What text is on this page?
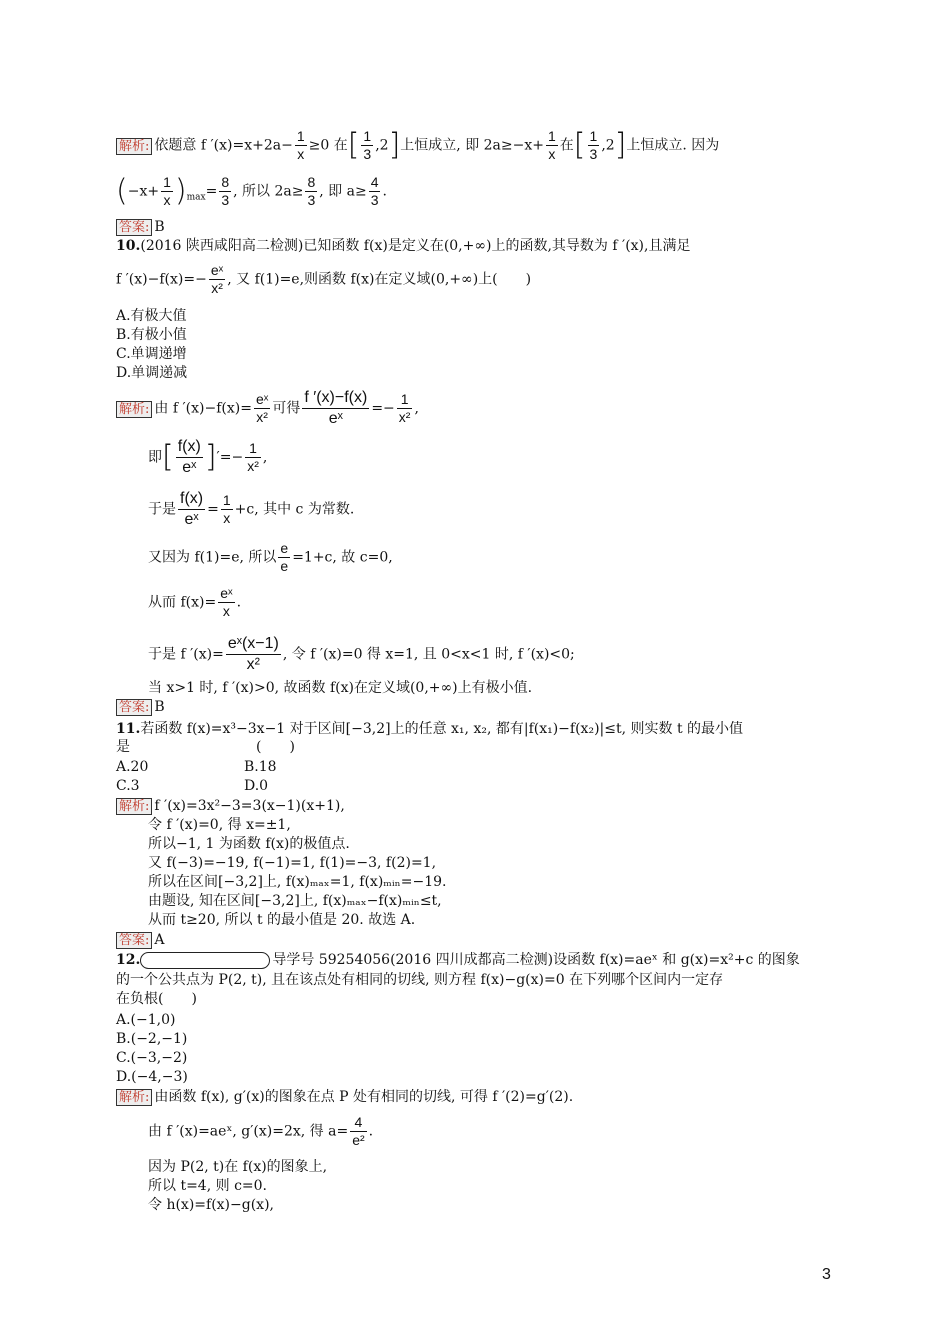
解析: 依题意 f $'(x)=x+2a- \frac{1}{x} \ge 0$ 在[ $\frac{1}{3} ,2$]上恒成立, 即 $2a\ge-x+ \frac{1}{x}$ 在[ $\frac{1}{3} ,2$]上恒成立. 因为
$(-x+ \frac{1}{x} )_{max}= \frac{8}{3}$ , 所以 $2a\ge \frac{8}{3}$ , 即 $a\ge \frac{4}{3}$ .
答案: B
10.(2016 陕西咸阳高二检测)已知函数 f(x)是定义在(0,+∞)上的函数,其导数为 f ′(x),且满足
f $'(x)-f(x)=- \frac{\text{eˣ}}{\text{x²}}$ , 又 f(1)=e,则函数 f(x)在定义域(0,+∞)上(　　)
A.有极大值
B.有极小值
C.单调递增
D.单调递减
解析: 由 f $'(x)-f(x)= \frac{\text{eˣ}}{\text{x²}}$ 可得 $\frac{f '(x)-f(x)}{\text{eˣ}} =- \frac{1}{\text{x²}}$ ,
即[ $\frac{f(x)}{\text{eˣ}}$ ]′=− $\frac{1}{\text{x²}}$ ,
于是 $\frac{f(x)}{\text{eˣ}} = \frac{1}{x} +c$, 其中 c 为常数.
又因为 f(1)=e, 所以 $\frac{e}{e} =1+c$, 故 c=0,
从而 $f(x)= \frac{\text{eˣ}}{x}$ .
于是 f $'(x)= \frac{\text{eˣ(x−1)}}{\text{x²}}$ , 令 f ′(x)=0 得 x=1, 且 0<x<1 时, f ′(x)<0;
当 x>1 时, f ′(x)>0, 故函数 f(x)在定义域(0,+∞)上有极小值.
答案: B
11.若函数 f(x)=x³−3x−1 对于区间[−3,2]上的任意 x₁, x₂, 都有|f(x₁)−f(x₂)|≤t, 则实数 t 的最小值
是　　　　　　　　　(　　)
A.20	B.18
C.3	D.0
解析: f ′(x)=3x²−3=3(x−1)(x+1),
令 f ′(x)=0, 得 x=±1,
所以−1, 1 为函数 f(x)的极值点.
又 f(−3)=−19, f(−1)=1, f(1)=−3, f(2)=1,
所以在区间[−3,2]上, f(x)ₘₐₓ=1, f(x)ₘᵢₙ=−19.
由题设, 知在区间[−3,2]上, f(x)ₘₐₓ−f(x)ₘᵢₙ≤t,
从而 t≥20, 所以 t 的最小值是 20. 故选 A.
答案: A
12.	导学号 59254056(2016 四川成都高二检测)设函数 f(x)=aeˣ 和 g(x)=x²+c 的图象
的一个公共点为 P(2, t), 且在该点处有相同的切线, 则方程 f(x)−g(x)=0 在下列哪个区间内一定存
在负根(　　)
A.(−1,0)
B.(−2,−1)
C.(−3,−2)
D.(−4,−3)
解析: 由函数 f(x), g′(x)的图象在点 P 处有相同的切线, 可得 f ′(2)=g′(2).
由 f ′(x)=aeˣ, g′(x)=2x, 得 $a= \frac{4}{\text{e²}}$ .
因为 P(2, t)在 f(x)的图象上,
所以 t=4, 则 c=0.
令 h(x)=f(x)−g(x),
3
